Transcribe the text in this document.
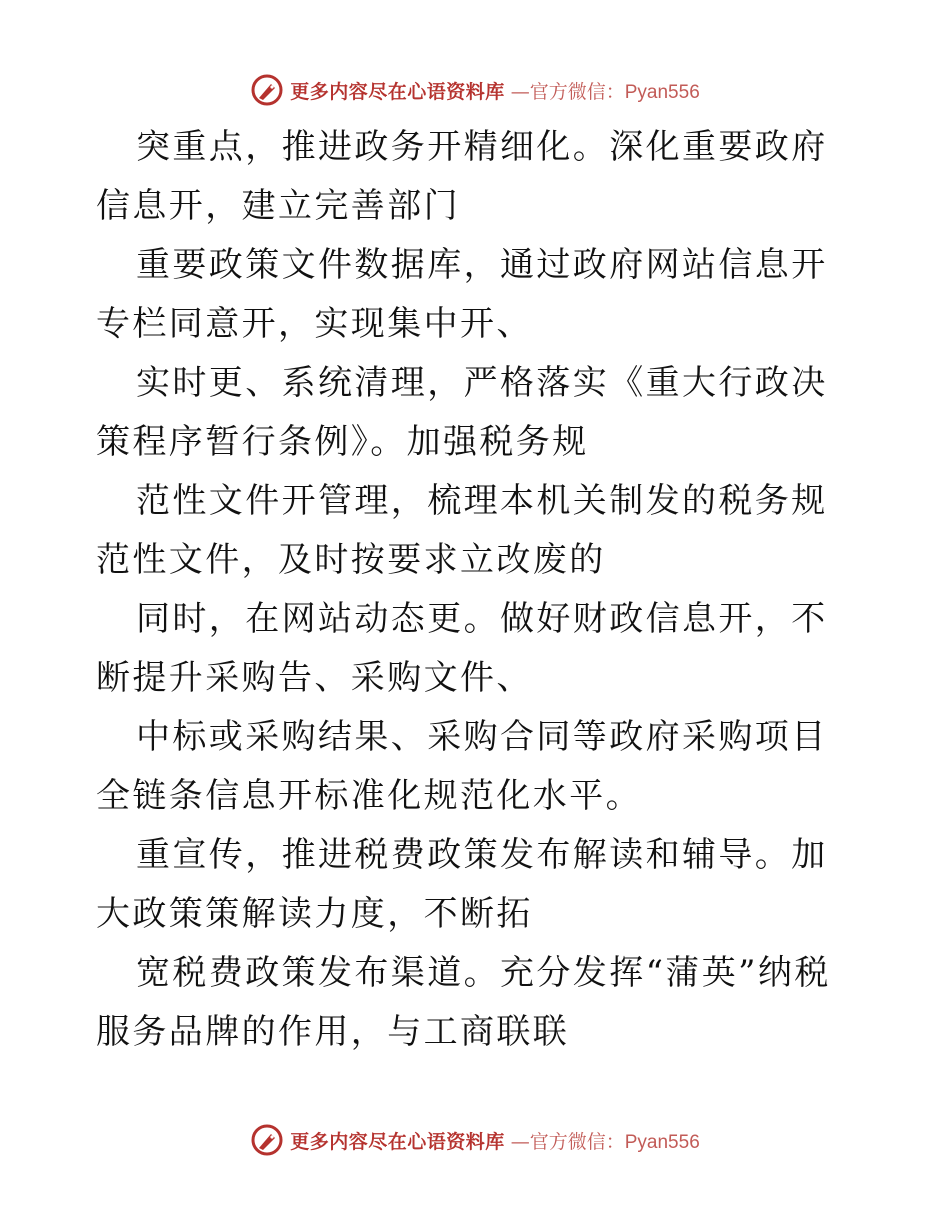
更多内容尽在心语资料库 —官方微信：Pyan556

突重点，推进政务开精细化。深化重要政府信息开，建立完善部门

重要政策文件数据库，通过政府网站信息开专栏同意开，实现集中开、

实时更、系统清理，严格落实《重大行政决策程序暂行条例》。加强税务规

范性文件开管理，梳理本机关制发的税务规范性文件，及时按要求立改废的

同时，在网站动态更。做好财政信息开，不断提升采购告、采购文件、

中标或采购结果、采购合同等政府采购项目全链条信息开标准化规范化水平。

重宣传，推进税费政策发布解读和辅导。加大政策策解读力度，不断拓

宽税费政策发布渠道。充分发挥“蒲英”纳税服务品牌的作用，与工商联联

更多内容尽在心语资料库 —官方微信：Pyan556
